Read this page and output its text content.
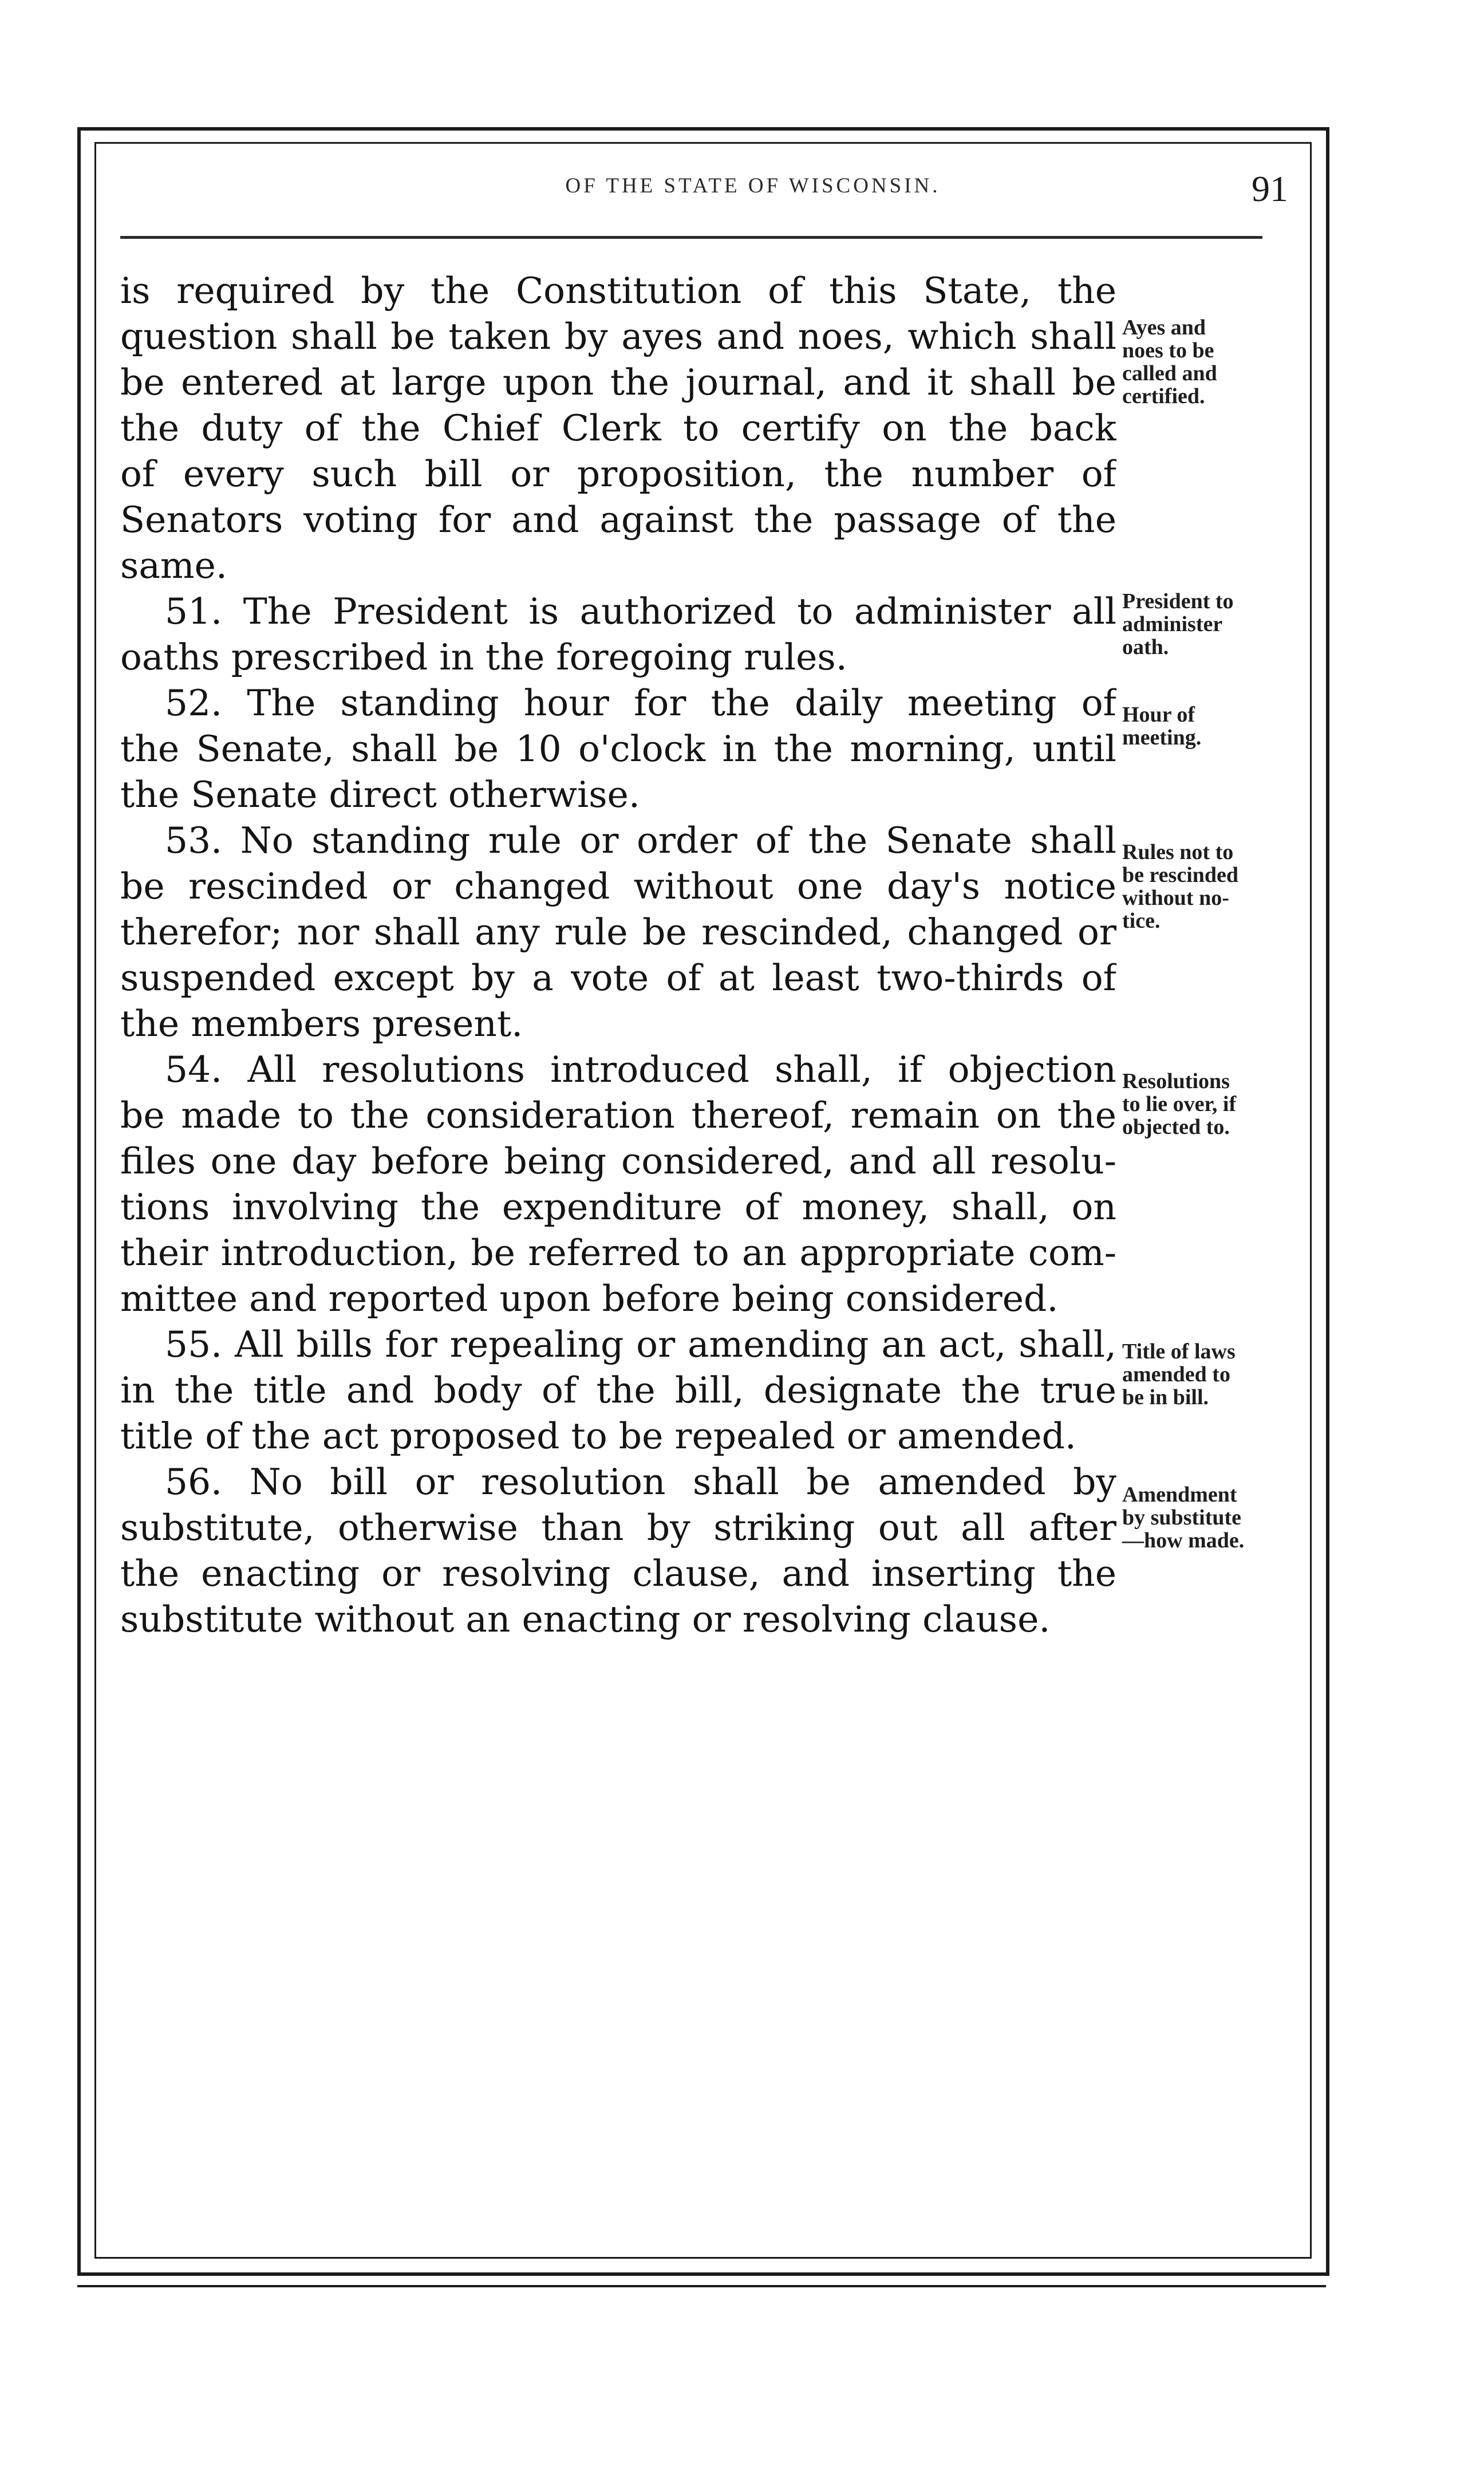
OF THE STATE OF WISCONSIN.	91
is required by the Constitution of this State, the
question shall be taken by ayes and noes, which shall
be entered at large upon the journal, and it shall be
the duty of the Chief Clerk to certify on the back
of every such bill or proposition, the number of
Senators voting for and against the passage of the
same.
51. The President is authorized to administer all
oaths prescribed in the foregoing rules.
52. The standing hour for the daily meeting of
the Senate, shall be 10 o'clock in the morning, until
the Senate direct otherwise.
53. No standing rule or order of the Senate shall
be rescinded or changed without one day's notice
therefor; nor shall any rule be rescinded, changed or
suspended except by a vote of at least two-thirds of
the members present.
54. All resolutions introduced shall, if objection
be made to the consideration thereof, remain on the
files one day before being considered, and all resolu-
tions involving the expenditure of money, shall, on
their introduction, be referred to an appropriate com-
mittee and reported upon before being considered.
55. All bills for repealing or amending an act, shall,
in the title and body of the bill, designate the true
title of the act proposed to be repealed or amended.
56. No bill or resolution shall be amended by
substitute, otherwise than by striking out all after
the enacting or resolving clause, and inserting the
substitute without an enacting or resolving clause.
Ayes and
noes to be
called and
certified.
President to
administer
oath.
Hour of
meeting.
Rules not to
be rescinded
without no-
tice.
Resolutions
to lie over, if
objected to.
Title of laws
amended to
be in bill.
Amendment
by substitute
—how made.
